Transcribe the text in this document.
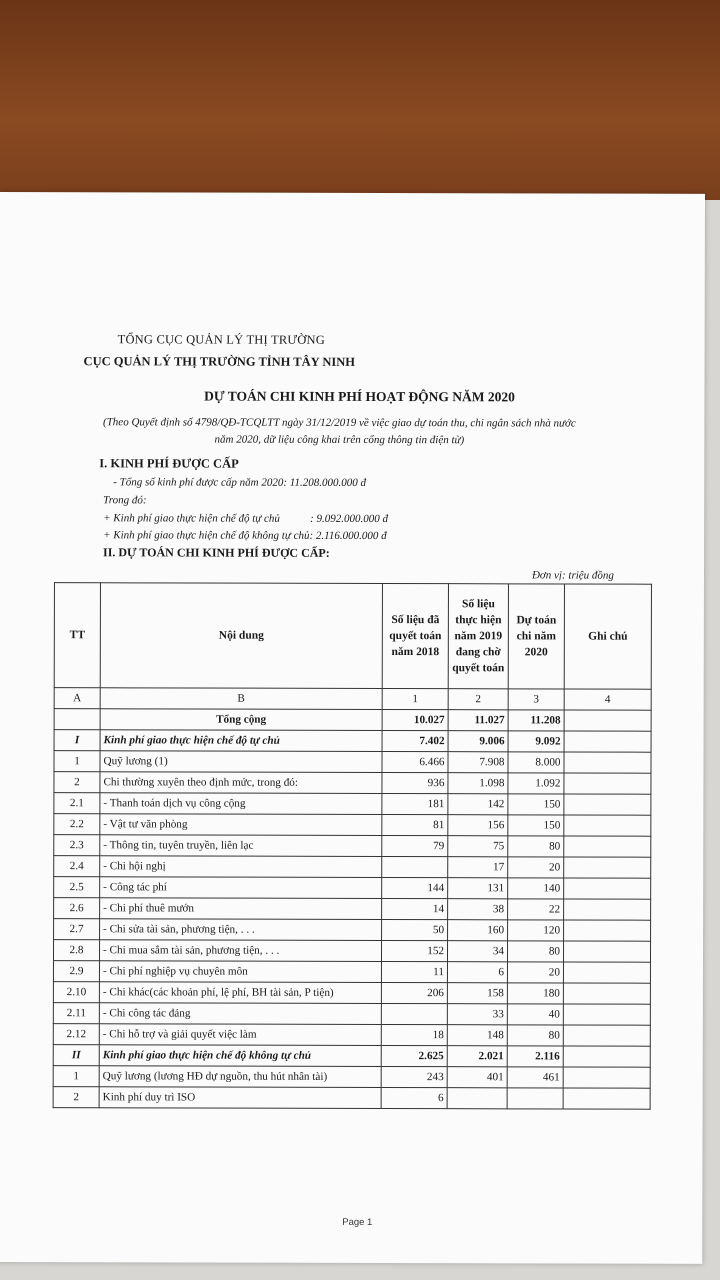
TỔNG CỤC QUẢN LÝ THỊ TRƯỜNG
CỤC QUẢN LÝ THỊ TRƯỜNG TỈNH TÂY NINH
DỰ TOÁN CHI KINH PHÍ HOẠT ĐỘNG NĂM 2020
(Theo Quyết định số 4798/QĐ-TCQLTT ngày 31/12/2019 về việc giao dự toán thu, chi ngân sách nhà nước năm 2020, dữ liệu công khai trên cổng thông tin điện tử)
I. KINH PHÍ ĐƯỢC CẤP
- Tổng số kinh phí được cấp năm 2020: 11.208.000.000 đ
Trong đó:
+ Kinh phí giao thực hiện chế độ tự chủ           : 9.092.000.000 đ
+ Kinh phí giao thực hiện chế độ không tự chủ: 2.116.000.000 đ
II. DỰ TOÁN CHI KINH PHÍ ĐƯỢC CẤP:
Đơn vị: triệu đồng
TT	Nội dung	Số liệu đã quyết toán năm 2018	Số liệu thực hiện năm 2019 đang chờ quyết toán	Dự toán chi năm 2020	Ghi chú
A	B	1	2	3	4
	Tổng cộng	10.027	11.027	11.208	
I	Kinh phí giao thực hiện chế độ tự chủ	7.402	9.006	9.092	
1	Quỹ lương (1)	6.466	7.908	8.000	
2	Chi thường xuyên theo định mức, trong đó:	936	1.098	1.092	
2.1	- Thanh toán dịch vụ công cộng	181	142	150	
2.2	- Vật tư văn phòng	81	156	150	
2.3	- Thông tin, tuyên truyền, liên lạc	79	75	80	
2.4	- Chi hội nghị		17	20	
2.5	- Công tác phí	144	131	140	
2.6	- Chi phí thuê mướn	14	38	22	
2.7	- Chi sửa tài sản, phương tiện, . . .	50	160	120	
2.8	- Chi mua sắm tài sản, phương tiện, . . .	152	34	80	
2.9	- Chi phí nghiệp vụ chuyên môn	11	6	20	
2.10	- Chi khác(các khoản phí, lệ phí, BH tài sản, P tiện)	206	158	180	
2.11	- Chi công tác đảng		33	40	
2.12	- Chi hỗ trợ và giải quyết việc làm	18	148	80	
II	Kinh phí giao thực hiện chế độ không tự chủ	2.625	2.021	2.116	
1	Quỹ lương (lương HĐ dự nguồn, thu hút nhân tài)	243	401	461	
2	Kinh phí duy trì ISO	6			
Page 1
